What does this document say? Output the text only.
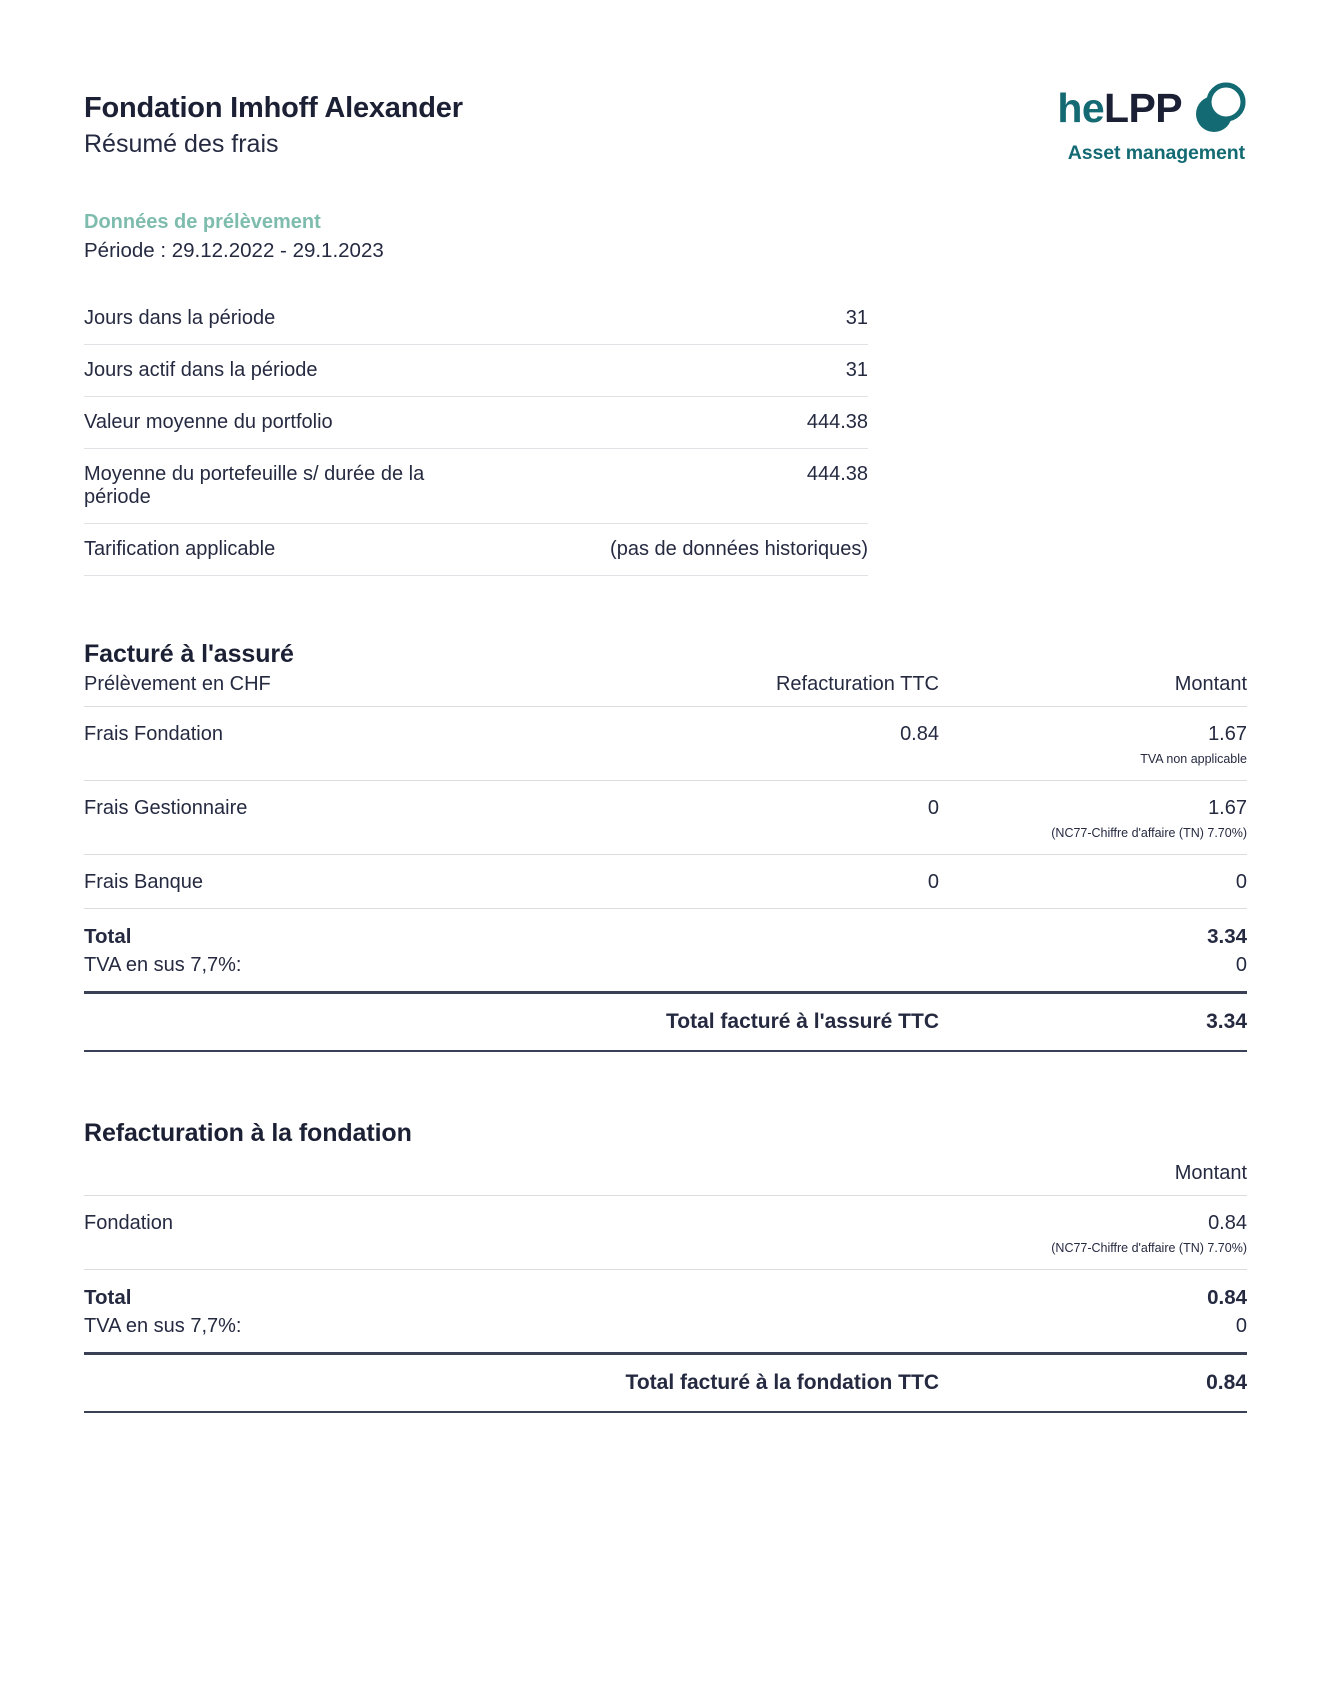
Fondation Imhoff Alexander
Résumé des frais
heLPP
Asset management

Données de prélèvement

Période : 29.12.2022 - 29.1.2023

Jours dans la période	31
Jours actif dans la période	31
Valeur moyenne du portfolio	444.38
Moyenne du portefeuille s/ durée de la période	444.38
Tarification applicable	(pas de données historiques)
Facturé à l'assuré
Prélèvement en CHF	Refacturation TTC	Montant
Frais Fondation	0.84	1.67
		TVA non applicable
Frais Gestionnaire	0	1.67
		(NC77-Chiffre d'affaire (TN) 7.70%)
Frais Banque	0	0
Total		3.34
TVA en sus 7,7%:		0
Total facturé à l'assuré TTC		3.34

Refacturation à la fondation
		Montant
Fondation		0.84
		(NC77-Chiffre d'affaire (TN) 7.70%)
Total		0.84
TVA en sus 7,7%:		0
Total facturé à la fondation TTC		0.84
